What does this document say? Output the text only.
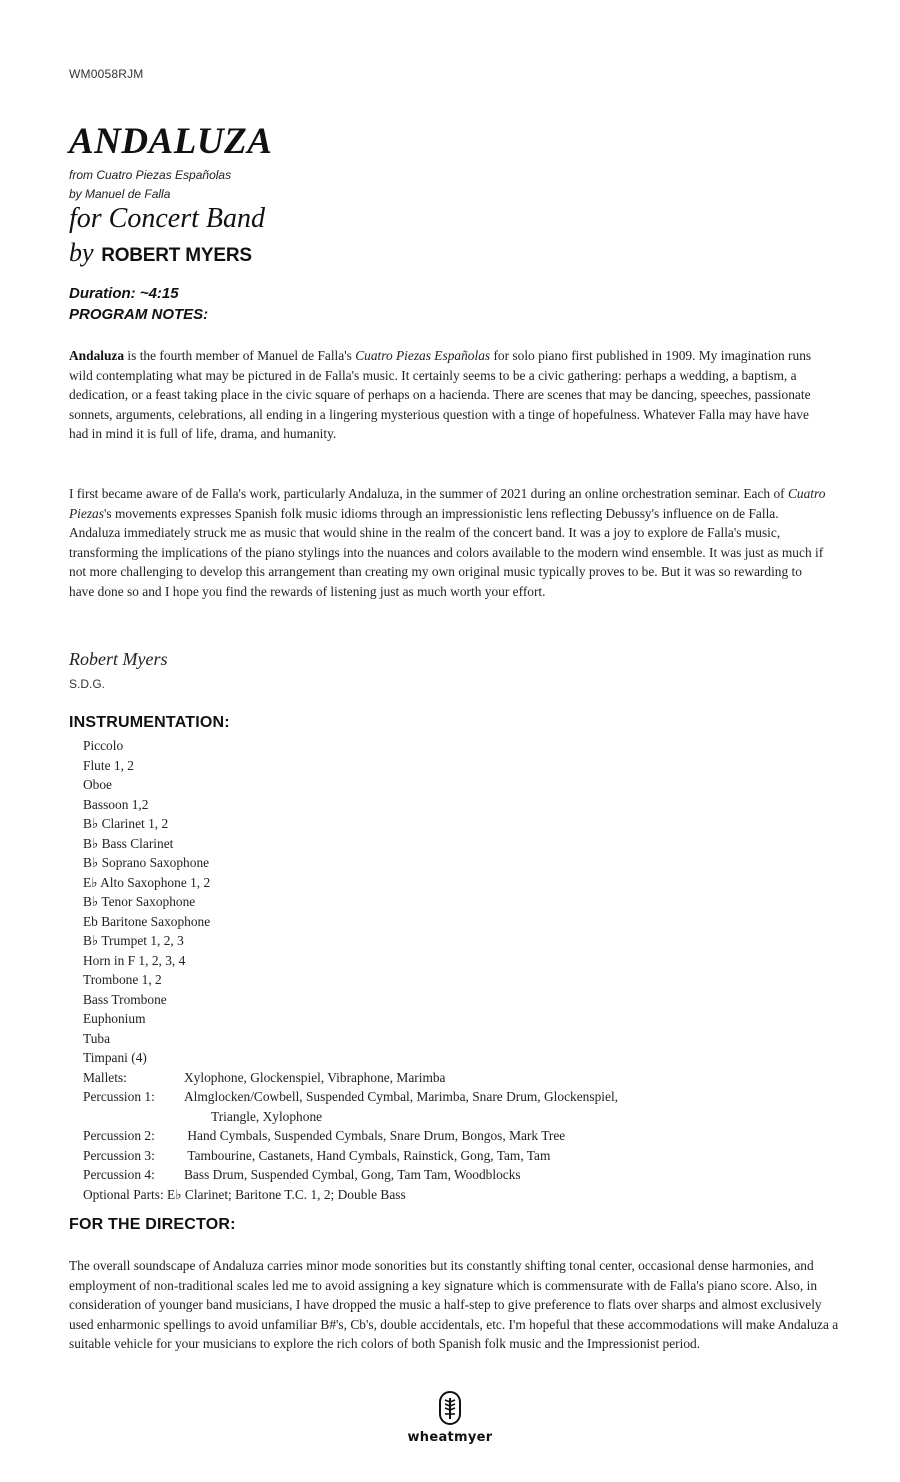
WM0058RJM
ANDALUZA
from Cuatro Piezas Españolas
by Manuel de Falla
for Concert Band
by ROBERT MYERS
Duration: ~4:15
PROGRAM NOTES:

Andaluza is the fourth member of Manuel de Falla's Cuatro Piezas Españolas for solo piano first published in 1909. My imagination runs wild contemplating what may be pictured in de Falla's music. It certainly seems to be a civic gathering: perhaps a wedding, a baptism, a dedication, or a feast taking place in the civic square of perhaps on a hacienda. There are scenes that may be dancing, speeches, passionate sonnets, arguments, celebrations, all ending in a lingering mysterious question with a tinge of hopefulness. Whatever Falla may have have had in mind it is full of life, drama, and humanity.

I first became aware of de Falla's work, particularly Andaluza, in the summer of 2021 during an online orchestration seminar. Each of Cuatro Piezas's movements expresses Spanish folk music idioms through an impressionistic lens reflecting Debussy's influence on de Falla. Andaluza immediately struck me as music that would shine in the realm of the concert band. It was a joy to explore de Falla's music, transforming the implications of the piano stylings into the nuances and colors available to the modern wind ensemble. It was just as much if not more challenging to develop this arrangement than creating my own original music typically proves to be. But it was so rewarding to have done so and I hope you find the rewards of listening just as much worth your effort.

Robert Myers
S.D.G.
INSTRUMENTATION:
Piccolo
Flute 1, 2
Oboe
Bassoon 1,2
B♭ Clarinet 1, 2
B♭ Bass Clarinet
B♭ Soprano Saxophone
E♭ Alto Saxophone 1, 2
B♭ Tenor Saxophone
Eb Baritone Saxophone
B♭ Trumpet 1, 2, 3
Horn in F 1, 2, 3, 4
Trombone 1, 2
Bass Trombone
Euphonium
Tuba
Timpani (4)
Mallets:	Xylophone, Glockenspiel, Vibraphone, Marimba
Percussion 1: Almglocken/Cowbell, Suspended Cymbal, Marimba, Snare Drum, Glockenspiel,
Triangle, Xylophone
Percussion 2: Hand Cymbals, Suspended Cymbals, Snare Drum, Bongos, Mark Tree
Percussion 3: Tambourine, Castanets, Hand Cymbals, Rainstick, Gong, Tam, Tam
Percussion 4: Bass Drum, Suspended Cymbal, Gong, Tam Tam, Woodblocks
Optional Parts: E♭ Clarinet; Baritone T.C. 1, 2; Double Bass
FOR THE DIRECTOR:

The overall soundscape of Andaluza carries minor mode sonorities but its constantly shifting tonal center, occasional dense harmonies, and employment of non-traditional scales led me to avoid assigning a key signature which is commensurate with de Falla's piano score. Also, in consideration of younger band musicians, I have dropped the music a half-step to give preference to flats over sharps and almost exclusively used enharmonic spellings to avoid unfamiliar B#'s, Cb's, double accidentals, etc. I'm hopeful that these accommodations will make Andaluza a suitable vehicle for your musicians to explore the rich colors of both Spanish folk music and the Impressionist period.

wheatmyer
